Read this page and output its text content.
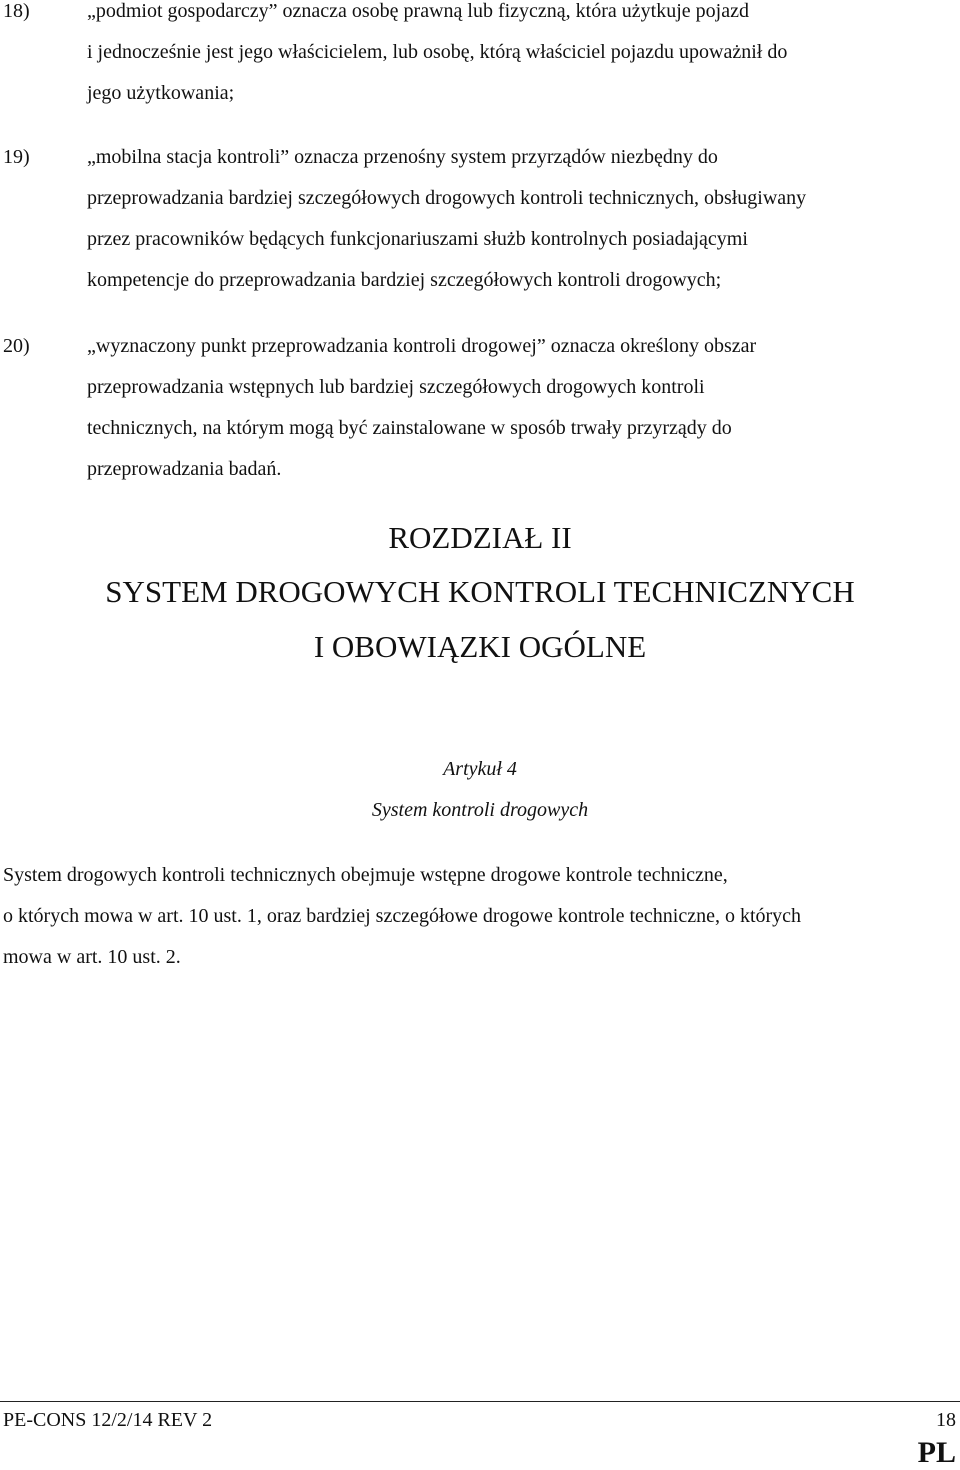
18)	„podmiot gospodarczy” oznacza osobę prawną lub fizyczną, która użytkuje pojazd
i jednocześnie jest jego właścicielem, lub osobę, którą właściciel pojazdu upoważnił do
jego użytkowania;
19)	„mobilna stacja kontroli” oznacza przenośny system przyrządów niezbędny do
przeprowadzania bardziej szczegółowych drogowych kontroli technicznych, obsługiwany
przez pracowników będących funkcjonariuszami służb kontrolnych posiadającymi
kompetencje do przeprowadzania bardziej szczegółowych kontroli drogowych;
20)	„wyznaczony punkt przeprowadzania kontroli drogowej” oznacza określony obszar
przeprowadzania wstępnych lub bardziej szczegółowych drogowych kontroli
technicznych, na którym mogą być zainstalowane w sposób trwały przyrządy do
przeprowadzania badań.
ROZDZIAŁ II
SYSTEM DROGOWYCH KONTROLI TECHNICZNYCH
I OBOWIĄZKI OGÓLNE
Artykuł 4
System kontroli drogowych
System drogowych kontroli technicznych obejmuje wstępne drogowe kontrole techniczne,
o których mowa w art. 10 ust. 1, oraz bardziej szczegółowe drogowe kontrole techniczne, o których
mowa w art. 10 ust. 2.
PE-CONS 12/2/14 REV 2	18
PL
